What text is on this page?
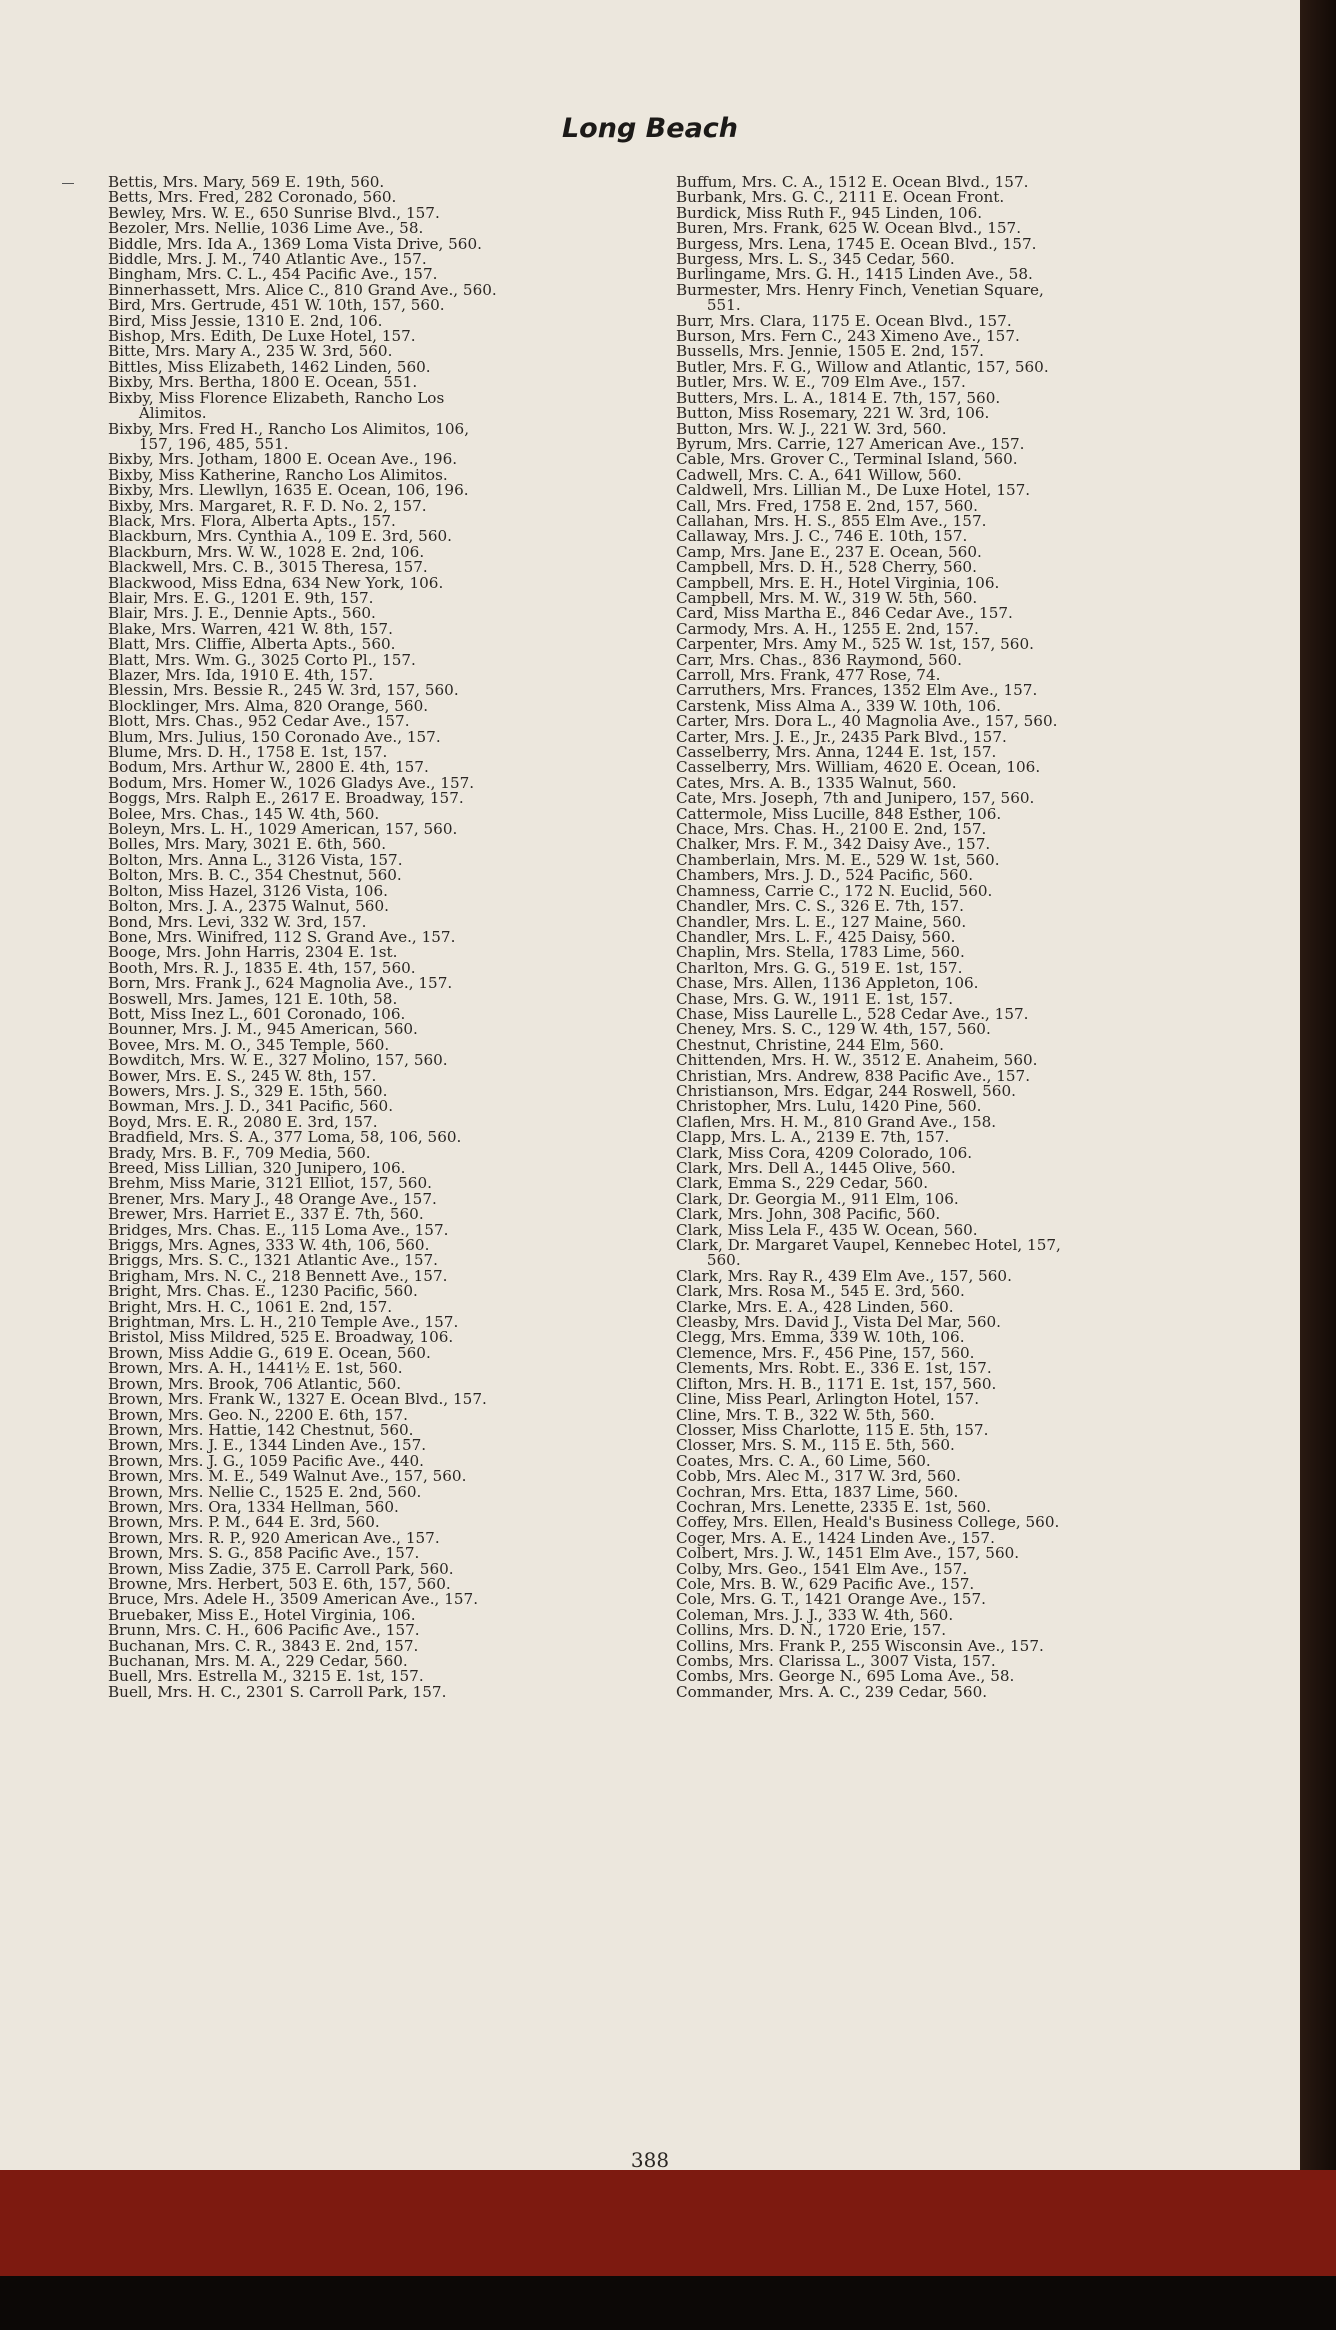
Long Beach
Bettis, Mrs. Mary, 569 E. 19th, 560.
Betts, Mrs. Fred, 282 Coronado, 560.
Bewley, Mrs. W. E., 650 Sunrise Blvd., 157.
Bezoler, Mrs. Nellie, 1036 Lime Ave., 58.
Biddle, Mrs. Ida A., 1369 Loma Vista Drive, 560.
Biddle, Mrs. J. M., 740 Atlantic Ave., 157.
Bingham, Mrs. C. L., 454 Pacific Ave., 157.
Binnerhassett, Mrs. Alice C., 810 Grand Ave., 560.
Bird, Mrs. Gertrude, 451 W. 10th, 157, 560.
Bird, Miss Jessie, 1310 E. 2nd, 106.
Bishop, Mrs. Edith, De Luxe Hotel, 157.
Bitte, Mrs. Mary A., 235 W. 3rd, 560.
Bittles, Miss Elizabeth, 1462 Linden, 560.
Bixby, Mrs. Bertha, 1800 E. Ocean, 551.
Bixby, Miss Florence Elizabeth, Rancho Los
Alimitos.
Bixby, Mrs. Fred H., Rancho Los Alimitos, 106,
157, 196, 485, 551.
Bixby, Mrs. Jotham, 1800 E. Ocean Ave., 196.
Bixby, Miss Katherine, Rancho Los Alimitos.
Bixby, Mrs. Llewllyn, 1635 E. Ocean, 106, 196.
Bixby, Mrs. Margaret, R. F. D. No. 2, 157.
Black, Mrs. Flora, Alberta Apts., 157.
Blackburn, Mrs. Cynthia A., 109 E. 3rd, 560.
Blackburn, Mrs. W. W., 1028 E. 2nd, 106.
Blackwell, Mrs. C. B., 3015 Theresa, 157.
Blackwood, Miss Edna, 634 New York, 106.
Blair, Mrs. E. G., 1201 E. 9th, 157.
Blair, Mrs. J. E., Dennie Apts., 560.
Blake, Mrs. Warren, 421 W. 8th, 157.
Blatt, Mrs. Cliffie, Alberta Apts., 560.
Blatt, Mrs. Wm. G., 3025 Corto Pl., 157.
Blazer, Mrs. Ida, 1910 E. 4th, 157.
Blessin, Mrs. Bessie R., 245 W. 3rd, 157, 560.
Blocklinger, Mrs. Alma, 820 Orange, 560.
Blott, Mrs. Chas., 952 Cedar Ave., 157.
Blum, Mrs. Julius, 150 Coronado Ave., 157.
Blume, Mrs. D. H., 1758 E. 1st, 157.
Bodum, Mrs. Arthur W., 2800 E. 4th, 157.
Bodum, Mrs. Homer W., 1026 Gladys Ave., 157.
Boggs, Mrs. Ralph E., 2617 E. Broadway, 157.
Bolee, Mrs. Chas., 145 W. 4th, 560.
Boleyn, Mrs. L. H., 1029 American, 157, 560.
Bolles, Mrs. Mary, 3021 E. 6th, 560.
Bolton, Mrs. Anna L., 3126 Vista, 157.
Bolton, Mrs. B. C., 354 Chestnut, 560.
Bolton, Miss Hazel, 3126 Vista, 106.
Bolton, Mrs. J. A., 2375 Walnut, 560.
Bond, Mrs. Levi, 332 W. 3rd, 157.
Bone, Mrs. Winifred, 112 S. Grand Ave., 157.
Booge, Mrs. John Harris, 2304 E. 1st.
Booth, Mrs. R. J., 1835 E. 4th, 157, 560.
Born, Mrs. Frank J., 624 Magnolia Ave., 157.
Boswell, Mrs. James, 121 E. 10th, 58.
Bott, Miss Inez L., 601 Coronado, 106.
Bounner, Mrs. J. M., 945 American, 560.
Bovee, Mrs. M. O., 345 Temple, 560.
Bowditch, Mrs. W. E., 327 Molino, 157, 560.
Bower, Mrs. E. S., 245 W. 8th, 157.
Bowers, Mrs. J. S., 329 E. 15th, 560.
Bowman, Mrs. J. D., 341 Pacific, 560.
Boyd, Mrs. E. R., 2080 E. 3rd, 157.
Bradfield, Mrs. S. A., 377 Loma, 58, 106, 560.
Brady, Mrs. B. F., 709 Media, 560.
Breed, Miss Lillian, 320 Junipero, 106.
Brehm, Miss Marie, 3121 Elliot, 157, 560.
Brener, Mrs. Mary J., 48 Orange Ave., 157.
Brewer, Mrs. Harriet E., 337 E. 7th, 560.
Bridges, Mrs. Chas. E., 115 Loma Ave., 157.
Briggs, Mrs. Agnes, 333 W. 4th, 106, 560.
Briggs, Mrs. S. C., 1321 Atlantic Ave., 157.
Brigham, Mrs. N. C., 218 Bennett Ave., 157.
Bright, Mrs. Chas. E., 1230 Pacific, 560.
Bright, Mrs. H. C., 1061 E. 2nd, 157.
Brightman, Mrs. L. H., 210 Temple Ave., 157.
Bristol, Miss Mildred, 525 E. Broadway, 106.
Brown, Miss Addie G., 619 E. Ocean, 560.
Brown, Mrs. A. H., 1441½ E. 1st, 560.
Brown, Mrs. Brook, 706 Atlantic, 560.
Brown, Mrs. Frank W., 1327 E. Ocean Blvd., 157.
Brown, Mrs. Geo. N., 2200 E. 6th, 157.
Brown, Mrs. Hattie, 142 Chestnut, 560.
Brown, Mrs. J. E., 1344 Linden Ave., 157.
Brown, Mrs. J. G., 1059 Pacific Ave., 440.
Brown, Mrs. M. E., 549 Walnut Ave., 157, 560.
Brown, Mrs. Nellie C., 1525 E. 2nd, 560.
Brown, Mrs. Ora, 1334 Hellman, 560.
Brown, Mrs. P. M., 644 E. 3rd, 560.
Brown, Mrs. R. P., 920 American Ave., 157.
Brown, Mrs. S. G., 858 Pacific Ave., 157.
Brown, Miss Zadie, 375 E. Carroll Park, 560.
Browne, Mrs. Herbert, 503 E. 6th, 157, 560.
Bruce, Mrs. Adele H., 3509 American Ave., 157.
Bruebaker, Miss E., Hotel Virginia, 106.
Brunn, Mrs. C. H., 606 Pacific Ave., 157.
Buchanan, Mrs. C. R., 3843 E. 2nd, 157.
Buchanan, Mrs. M. A., 229 Cedar, 560.
Buell, Mrs. Estrella M., 3215 E. 1st, 157.
Buell, Mrs. H. C., 2301 S. Carroll Park, 157.
Buffum, Mrs. C. A., 1512 E. Ocean Blvd., 157.
Burbank, Mrs. G. C., 2111 E. Ocean Front.
Burdick, Miss Ruth F., 945 Linden, 106.
Buren, Mrs. Frank, 625 W. Ocean Blvd., 157.
Burgess, Mrs. Lena, 1745 E. Ocean Blvd., 157.
Burgess, Mrs. L. S., 345 Cedar, 560.
Burlingame, Mrs. G. H., 1415 Linden Ave., 58.
Burmester, Mrs. Henry Finch, Venetian Square,
551.
Burr, Mrs. Clara, 1175 E. Ocean Blvd., 157.
Burson, Mrs. Fern C., 243 Ximeno Ave., 157.
Bussells, Mrs. Jennie, 1505 E. 2nd, 157.
Butler, Mrs. F. G., Willow and Atlantic, 157, 560.
Butler, Mrs. W. E., 709 Elm Ave., 157.
Butters, Mrs. L. A., 1814 E. 7th, 157, 560.
Button, Miss Rosemary, 221 W. 3rd, 106.
Button, Mrs. W. J., 221 W. 3rd, 560.
Byrum, Mrs. Carrie, 127 American Ave., 157.
Cable, Mrs. Grover C., Terminal Island, 560.
Cadwell, Mrs. C. A., 641 Willow, 560.
Caldwell, Mrs. Lillian M., De Luxe Hotel, 157.
Call, Mrs. Fred, 1758 E. 2nd, 157, 560.
Callahan, Mrs. H. S., 855 Elm Ave., 157.
Callaway, Mrs. J. C., 746 E. 10th, 157.
Camp, Mrs. Jane E., 237 E. Ocean, 560.
Campbell, Mrs. D. H., 528 Cherry, 560.
Campbell, Mrs. E. H., Hotel Virginia, 106.
Campbell, Mrs. M. W., 319 W. 5th, 560.
Card, Miss Martha E., 846 Cedar Ave., 157.
Carmody, Mrs. A. H., 1255 E. 2nd, 157.
Carpenter, Mrs. Amy M., 525 W. 1st, 157, 560.
Carr, Mrs. Chas., 836 Raymond, 560.
Carroll, Mrs. Frank, 477 Rose, 74.
Carruthers, Mrs. Frances, 1352 Elm Ave., 157.
Carstenk, Miss Alma A., 339 W. 10th, 106.
Carter, Mrs. Dora L., 40 Magnolia Ave., 157, 560.
Carter, Mrs. J. E., Jr., 2435 Park Blvd., 157.
Casselberry, Mrs. Anna, 1244 E. 1st, 157.
Casselberry, Mrs. William, 4620 E. Ocean, 106.
Cates, Mrs. A. B., 1335 Walnut, 560.
Cate, Mrs. Joseph, 7th and Junipero, 157, 560.
Cattermole, Miss Lucille, 848 Esther, 106.
Chace, Mrs. Chas. H., 2100 E. 2nd, 157.
Chalker, Mrs. F. M., 342 Daisy Ave., 157.
Chamberlain, Mrs. M. E., 529 W. 1st, 560.
Chambers, Mrs. J. D., 524 Pacific, 560.
Chamness, Carrie C., 172 N. Euclid, 560.
Chandler, Mrs. C. S., 326 E. 7th, 157.
Chandler, Mrs. L. E., 127 Maine, 560.
Chandler, Mrs. L. F., 425 Daisy, 560.
Chaplin, Mrs. Stella, 1783 Lime, 560.
Charlton, Mrs. G. G., 519 E. 1st, 157.
Chase, Mrs. Allen, 1136 Appleton, 106.
Chase, Mrs. G. W., 1911 E. 1st, 157.
Chase, Miss Laurelle L., 528 Cedar Ave., 157.
Cheney, Mrs. S. C., 129 W. 4th, 157, 560.
Chestnut, Christine, 244 Elm, 560.
Chittenden, Mrs. H. W., 3512 E. Anaheim, 560.
Christian, Mrs. Andrew, 838 Pacific Ave., 157.
Christianson, Mrs. Edgar, 244 Roswell, 560.
Christopher, Mrs. Lulu, 1420 Pine, 560.
Claflen, Mrs. H. M., 810 Grand Ave., 158.
Clapp, Mrs. L. A., 2139 E. 7th, 157.
Clark, Miss Cora, 4209 Colorado, 106.
Clark, Mrs. Dell A., 1445 Olive, 560.
Clark, Emma S., 229 Cedar, 560.
Clark, Dr. Georgia M., 911 Elm, 106.
Clark, Mrs. John, 308 Pacific, 560.
Clark, Miss Lela F., 435 W. Ocean, 560.
Clark, Dr. Margaret Vaupel, Kennebec Hotel, 157,
560.
Clark, Mrs. Ray R., 439 Elm Ave., 157, 560.
Clark, Mrs. Rosa M., 545 E. 3rd, 560.
Clarke, Mrs. E. A., 428 Linden, 560.
Cleasby, Mrs. David J., Vista Del Mar, 560.
Clegg, Mrs. Emma, 339 W. 10th, 106.
Clemence, Mrs. F., 456 Pine, 157, 560.
Clements, Mrs. Robt. E., 336 E. 1st, 157.
Clifton, Mrs. H. B., 1171 E. 1st, 157, 560.
Cline, Miss Pearl, Arlington Hotel, 157.
Cline, Mrs. T. B., 322 W. 5th, 560.
Closser, Miss Charlotte, 115 E. 5th, 157.
Closser, Mrs. S. M., 115 E. 5th, 560.
Coates, Mrs. C. A., 60 Lime, 560.
Cobb, Mrs. Alec M., 317 W. 3rd, 560.
Cochran, Mrs. Etta, 1837 Lime, 560.
Cochran, Mrs. Lenette, 2335 E. 1st, 560.
Coffey, Mrs. Ellen, Heald's Business College, 560.
Coger, Mrs. A. E., 1424 Linden Ave., 157.
Colbert, Mrs. J. W., 1451 Elm Ave., 157, 560.
Colby, Mrs. Geo., 1541 Elm Ave., 157.
Cole, Mrs. B. W., 629 Pacific Ave., 157.
Cole, Mrs. G. T., 1421 Orange Ave., 157.
Coleman, Mrs. J. J., 333 W. 4th, 560.
Collins, Mrs. D. N., 1720 Erie, 157.
Collins, Mrs. Frank P., 255 Wisconsin Ave., 157.
Combs, Mrs. Clarissa L., 3007 Vista, 157.
Combs, Mrs. George N., 695 Loma Ave., 58.
Commander, Mrs. A. C., 239 Cedar, 560.
388
